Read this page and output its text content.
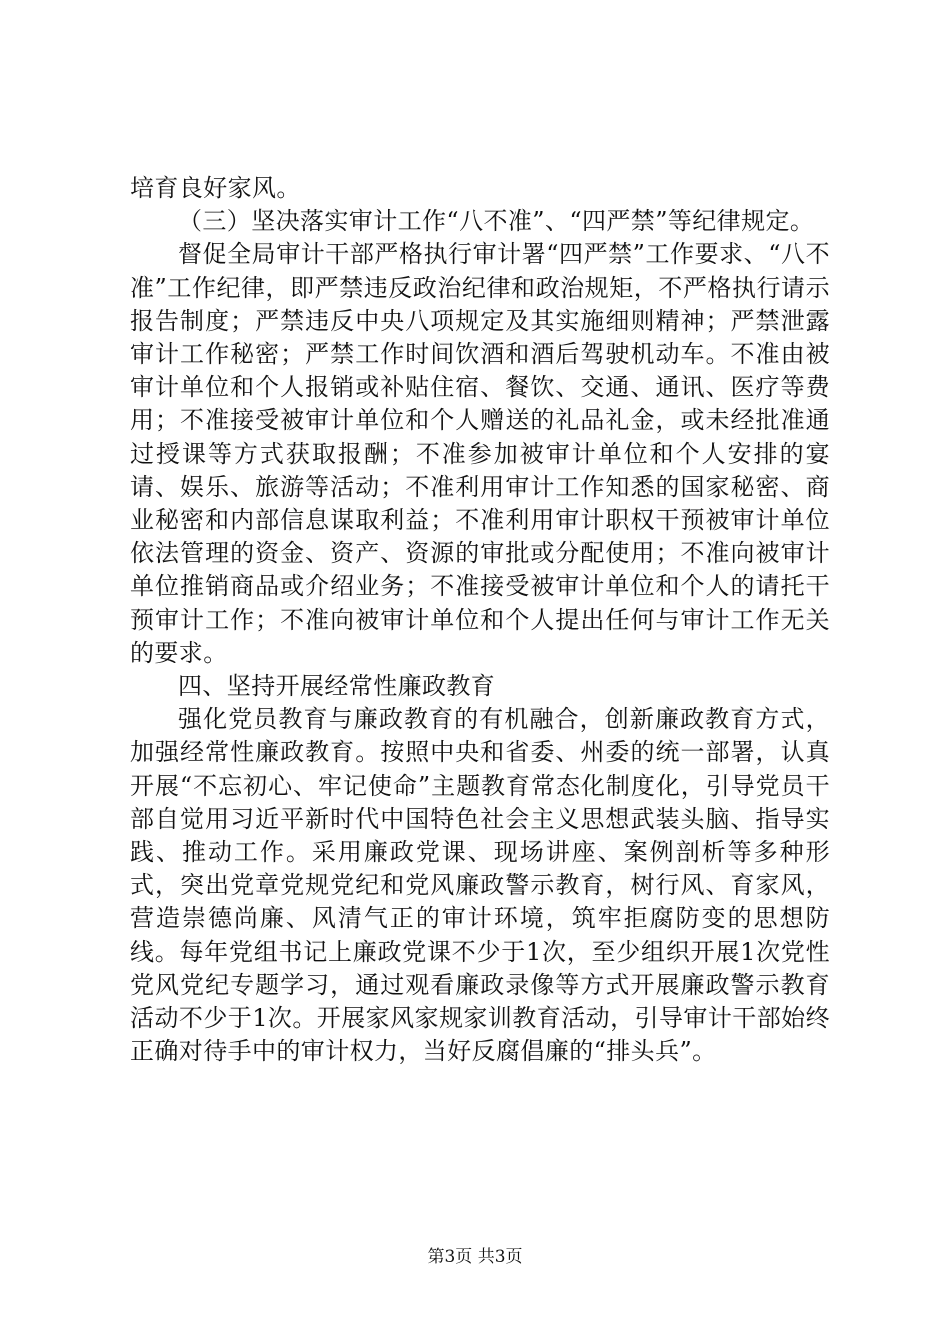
培育良好家风。

（三）坚决落实审计工作“八不准”、“四严禁”等纪律规定。

督促全局审计干部严格执行审计署“四严禁”工作要求、“八不准”工作纪律，即严禁违反政治纪律和政治规矩，不严格执行请示报告制度；严禁违反中央八项规定及其实施细则精神；严禁泄露审计工作秘密；严禁工作时间饮酒和酒后驾驶机动车。不准由被审计单位和个人报销或补贴住宿、餐饮、交通、通讯、医疗等费用；不准接受被审计单位和个人赠送的礼品礼金，或未经批准通过授课等方式获取报酬；不准参加被审计单位和个人安排的宴请、娱乐、旅游等活动；不准利用审计工作知悉的国家秘密、商业秘密和内部信息谋取利益；不准利用审计职权干预被审计单位依法管理的资金、资产、资源的审批或分配使用；不准向被审计单位推销商品或介绍业务；不准接受被审计单位和个人的请托干预审计工作；不准向被审计单位和个人提出任何与审计工作无关的要求。

四、坚持开展经常性廉政教育

强化党员教育与廉政教育的有机融合，创新廉政教育方式，加强经常性廉政教育。按照中央和省委、州委的统一部署，认真开展“不忘初心、牢记使命”主题教育常态化制度化，引导党员干部自觉用习近平新时代中国特色社会主义思想武装头脑、指导实践、推动工作。采用廉政党课、现场讲座、案例剖析等多种形式，突出党章党规党纪和党风廉政警示教育，树行风、育家风，营造崇德尚廉、风清气正的审计环境，筑牢拒腐防变的思想防线。每年党组书记上廉政党课不少于1次，至少组织开展1次党性党风党纪专题学习，通过观看廉政录像等方式开展廉政警示教育活动不少于1次。开展家风家规家训教育活动，引导审计干部始终正确对待手中的审计权力，当好反腐倡廉的“排头兵”。

第3页 共3页
